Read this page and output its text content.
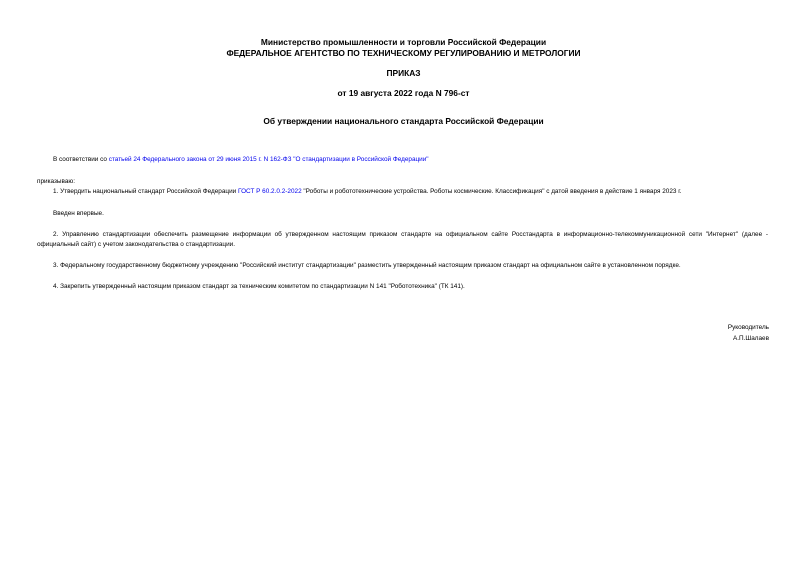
Министерство промышленности и торговли Российской Федерации
ФЕДЕРАЛЬНОЕ АГЕНТСТВО ПО ТЕХНИЧЕСКОМУ РЕГУЛИРОВАНИЮ И МЕТРОЛОГИИ
ПРИКАЗ
от 19 августа 2022 года N 796-ст
Об утверждении национального стандарта Российской Федерации
В соответствии со статьей 24 Федерального закона от 29 июня 2015 г. N 162-ФЗ "О стандартизации в Российской Федерации"
приказываю:
1. Утвердить национальный стандарт Российской Федерации ГОСТ Р 60.2.0.2-2022 "Роботы и робототехнические устройства. Роботы космические. Классификация" с датой введения в действие 1 января 2023 г.
Введен впервые.
2. Управлению стандартизации обеспечить размещение информации об утвержденном настоящим приказом стандарте на официальном сайте Росстандарта в информационно-телекоммуникационной сети "Интернет" (далее - официальный сайт) с учетом законодательства о стандартизации.
3. Федеральному государственному бюджетному учреждению "Российский институт стандартизации" разместить утвержденный настоящим приказом стандарт на официальном сайте в установленном порядке.
4. Закрепить утвержденный настоящим приказом стандарт за техническим комитетом по стандартизации N 141 "Робототехника" (ТК 141).
Руководитель
А.П.Шалаев
